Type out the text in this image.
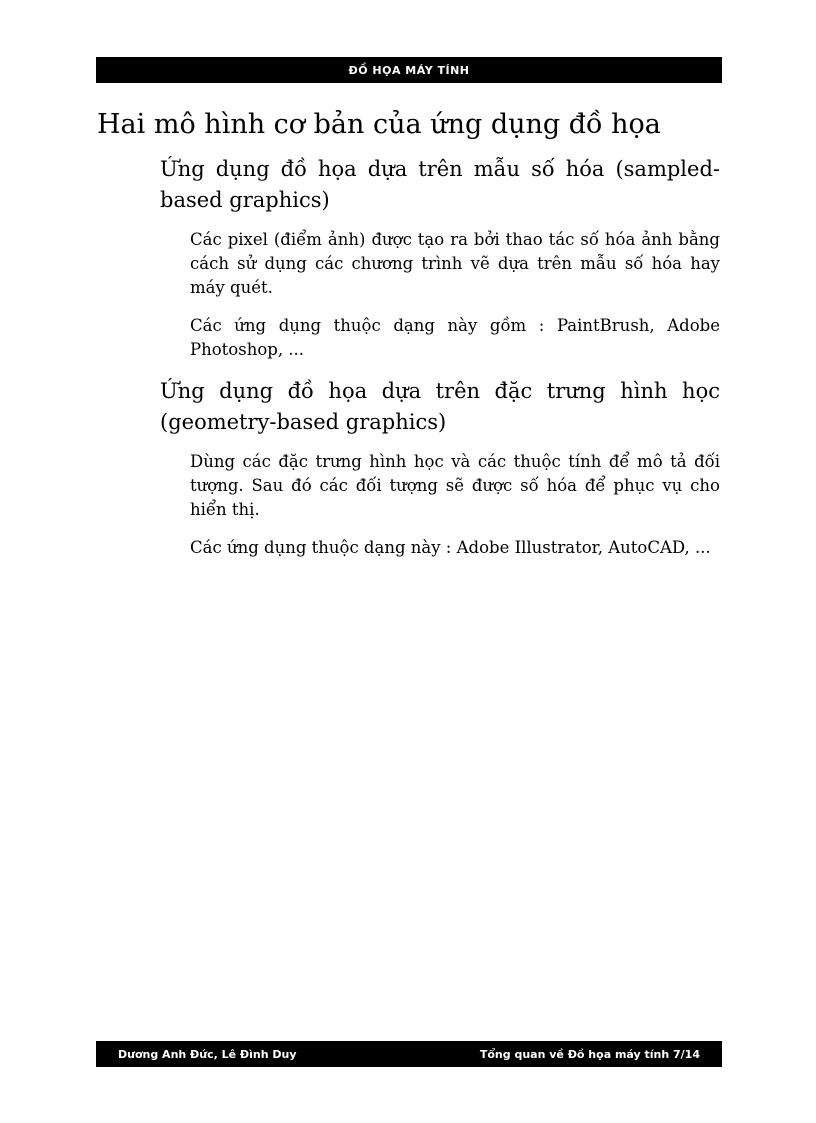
ĐỒ HỌA MÁY TÍNH
Hai mô hình cơ bản của ứng dụng đồ họa
Ứng dụng đồ họa dựa trên mẫu số hóa (sampled-based graphics)

Các pixel (điểm ảnh) được tạo ra bởi thao tác số hóa ảnh bằng cách sử dụng các chương trình vẽ dựa trên mẫu số hóa hay máy quét.

Các ứng dụng thuộc dạng này gồm : PaintBrush, Adobe Photoshop, ...

Ứng dụng đồ họa dựa trên đặc trưng hình học (geometry-based graphics)

Dùng các đặc trưng hình học và các thuộc tính để mô tả đối tượng. Sau đó các đối tượng sẽ được số hóa để phục vụ cho hiển thị.

Các ứng dụng thuộc dạng này : Adobe Illustrator, AutoCAD, ...

Dương Anh Đức, Lê Đình Duy	Tổng quan về Đồ họa máy tính 7/14
